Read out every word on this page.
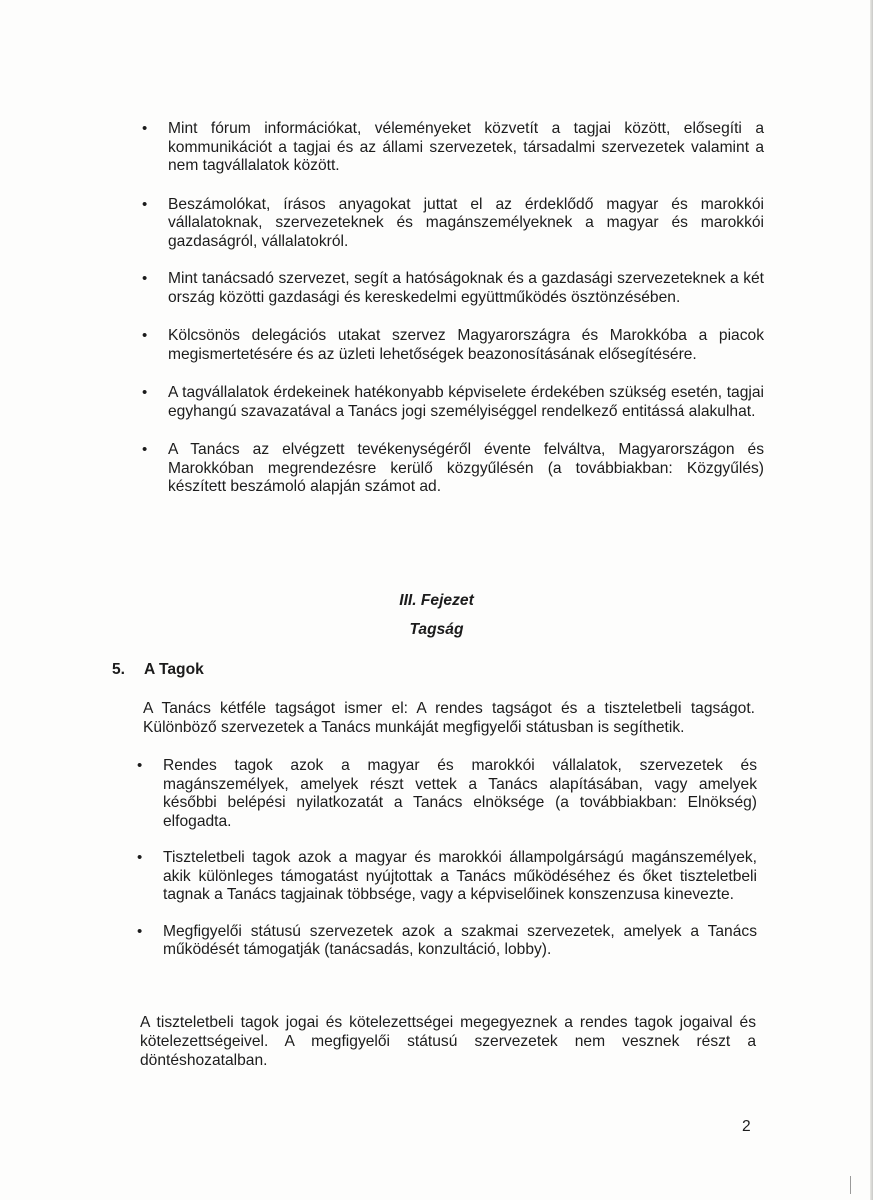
• Mint fórum információkat, véleményeket közvetít a tagjai között, elősegíti a kommunikációt a tagjai és az állami szervezetek, társadalmi szervezetek valamint a nem tagvállalatok között.
• Beszámolókat, írásos anyagokat juttat el az érdeklődő magyar és marokkói vállalatoknak, szervezeteknek és magánszemélyeknek a magyar és marokkói gazdaságról, vállalatokról.
• Mint tanácsadó szervezet, segít a hatóságoknak és a gazdasági szervezeteknek a két ország közötti gazdasági és kereskedelmi együttműködés ösztönzésében.
• Kölcsönös delegációs utakat szervez Magyarországra és Marokkóba a piacok megismertetésére és az üzleti lehetőségek beazonosításának elősegítésére.
• A tagvállalatok érdekeinek hatékonyabb képviselete érdekében szükség esetén, tagjai egyhangú szavazatával a Tanács jogi személyiséggel rendelkező entitássá alakulhat.
• A Tanács az elvégzett tevékenységéről évente felváltva, Magyarországon és Marokkóban megrendezésre kerülő közgyűlésén (a továbbiakban: Közgyűlés) készített beszámoló alapján számot ad.
III. Fejezet
Tagság
5. A Tagok

A Tanács kétféle tagságot ismer el: A rendes tagságot és a tiszteletbeli tagságot. Különböző szervezetek a Tanács munkáját megfigyelői státusban is segíthetik.

• Rendes tagok azok a magyar és marokkói vállalatok, szervezetek és magánszemélyek, amelyek részt vettek a Tanács alapításában, vagy amelyek későbbi belépési nyilatkozatát a Tanács elnöksége (a továbbiakban: Elnökség) elfogadta.
• Tiszteletbeli tagok azok a magyar és marokkói állampolgárságú magánszemélyek, akik különleges támogatást nyújtottak a Tanács működéséhez és őket tiszteletbeli tagnak a Tanács tagjainak többsége, vagy a képviselőinek konszenzusa kinevezte.
• Megfigyelői státusú szervezetek azok a szakmai szervezetek, amelyek a Tanács működését támogatják (tanácsadás, konzultáció, lobby).

A tiszteletbeli tagok jogai és kötelezettségei megegyeznek a rendes tagok jogaival és kötelezettségeivel. A megfigyelői státusú szervezetek nem vesznek részt a döntéshozatalban.

2
